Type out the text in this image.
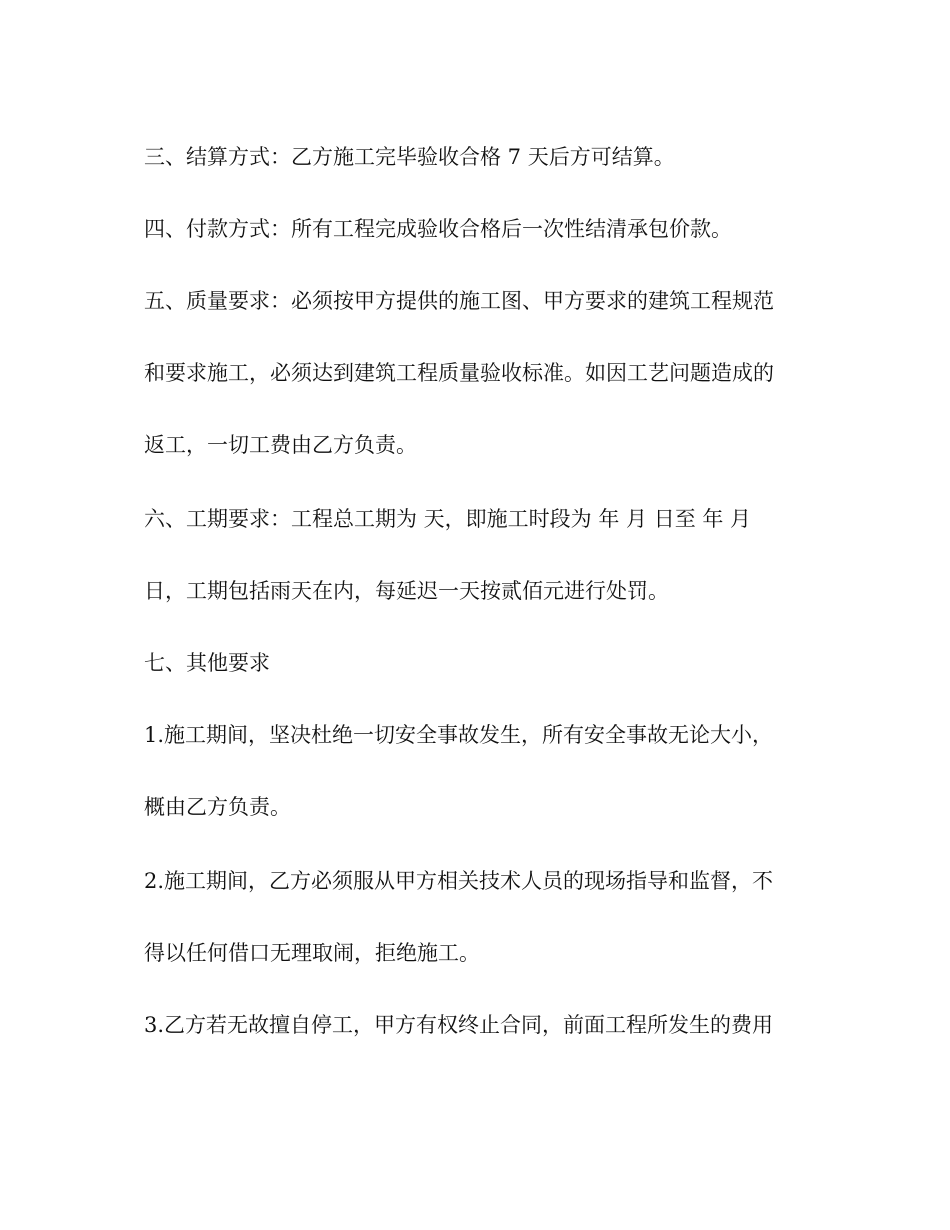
三、结算方式：乙方施工完毕验收合格 7 天后方可结算。
四、付款方式：所有工程完成验收合格后一次性结清承包价款。
五、质量要求：必须按甲方提供的施工图、甲方要求的建筑工程规范
和要求施工，必须达到建筑工程质量验收标准。如因工艺问题造成的
返工，一切工费由乙方负责。
六、工期要求：工程总工期为 天，即施工时段为 年 月 日至 年 月
日，工期包括雨天在内，每延迟一天按贰佰元进行处罚。
七、其他要求
1.施工期间，坚决杜绝一切安全事故发生，所有安全事故无论大小，
概由乙方负责。
2.施工期间，乙方必须服从甲方相关技术人员的现场指导和监督，不
得以任何借口无理取闹，拒绝施工。
3.乙方若无故擅自停工，甲方有权终止合同，前面工程所发生的费用
